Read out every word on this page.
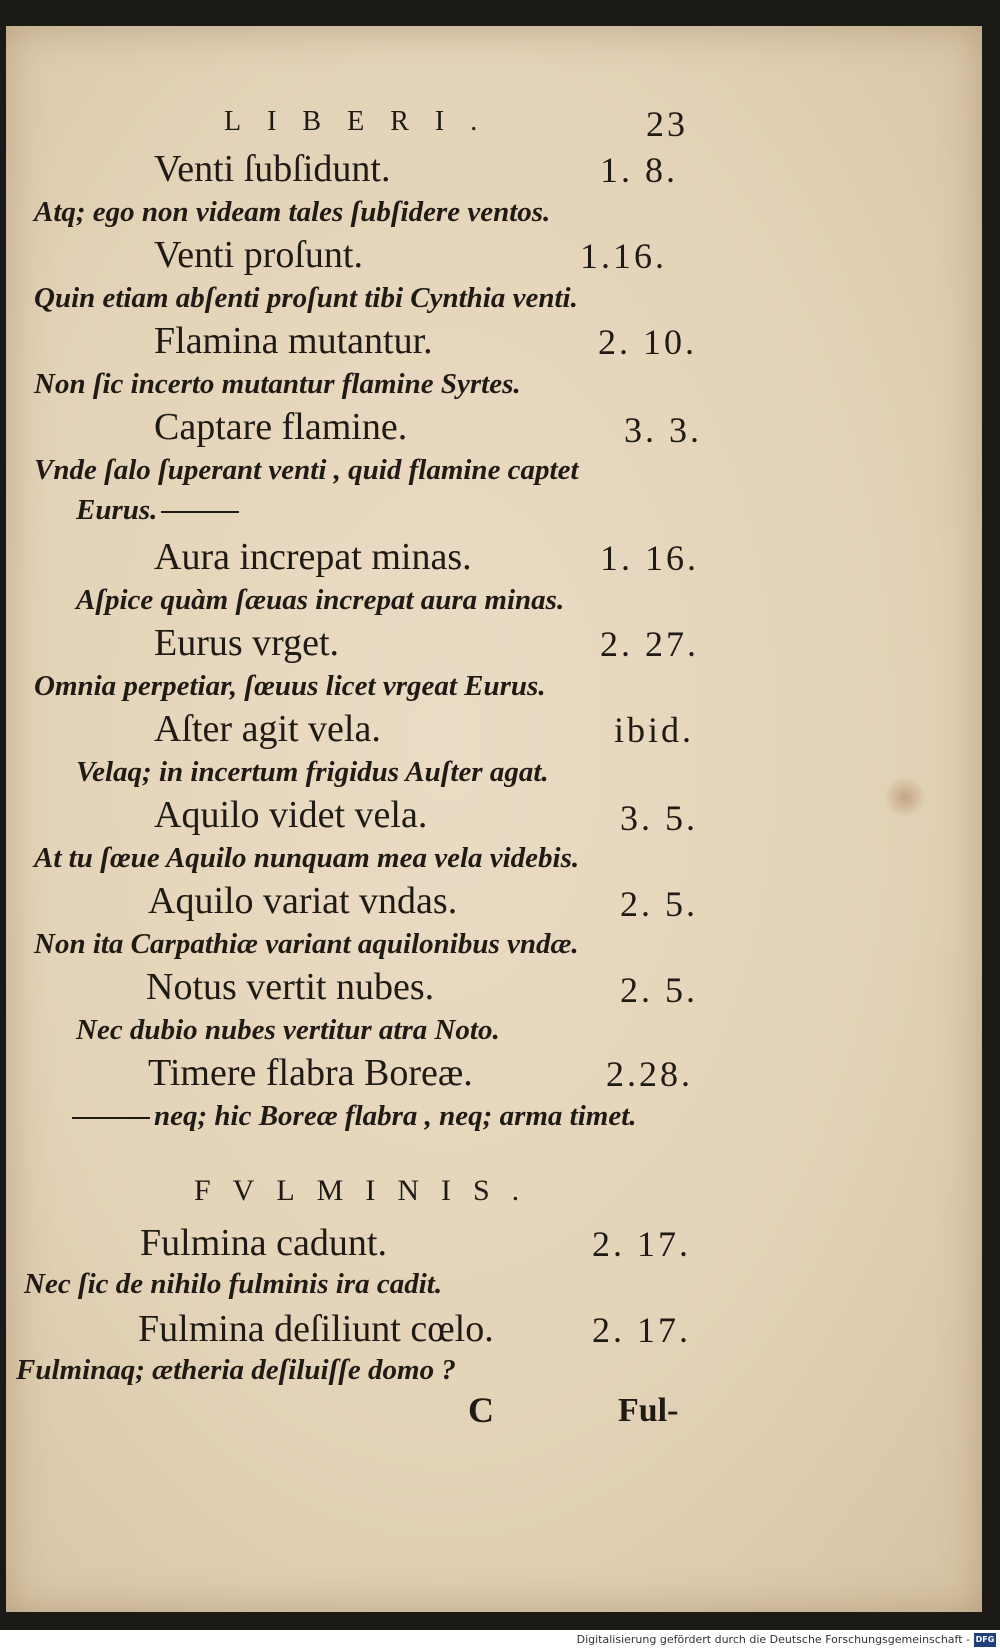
LIBERI.	23
Venti ſubſidunt.	1. 8.
Atq; ego non videam tales ſubſidere ventos.
Venti proſunt.	1.16.
Quin etiam abſenti proſunt tibi Cynthia venti.
Flamina mutantur.	2. 10.
Non ſic incerto mutantur flamine Syrtes.
Captare flamine.	3. 3.
Vnde ſalo ſuperant venti , quid flamine captet
Eurus.
Aura increpat minas.	1. 16.
Aſpice quàm ſæuas increpat aura minas.
Eurus vrget.	2. 27.
Omnia perpetiar, ſœuus licet vrgeat Eurus.
Aſter agit vela.	ibid.
Velaq; in incertum frigidus Auſter agat.
Aquilo videt vela.	3. 5.
At tu ſœue Aquilo nunquam mea vela videbis.
Aquilo variat vndas.	2. 5.
Non ita Carpathiæ variant aquilonibus vndæ.
Notus vertit nubes.	2. 5.
Nec dubio nubes vertitur atra Noto.
Timere flabra Boreæ.	2.28.
neq; hic Boreæ flabra , neq; arma timet.
FVLMINIS.
Fulmina cadunt.	2. 17.
Nec ſic de nihilo fulminis ira cadit.
Fulmina deſiliunt cœlo.	2. 17.
Fulminaq; ætheria deſiluiſſe domo ?
C	Ful-
Digitalisierung gefördert durch die Deutsche Forschungsgemeinschaft - DFG
